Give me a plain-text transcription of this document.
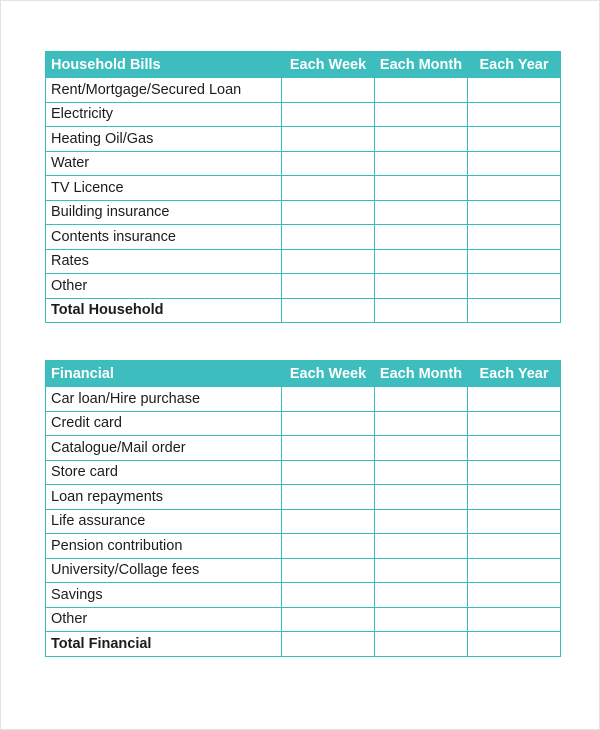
Household Bills	Each Week	Each Month	Each Year
Rent/Mortgage/Secured Loan			
Electricity			
Heating Oil/Gas			
Water			
TV Licence			
Building insurance			
Contents insurance			
Rates			
Other			
Total Household			
Financial	Each Week	Each Month	Each Year
Car loan/Hire purchase			
Credit card			
Catalogue/Mail order			
Store card			
Loan repayments			
Life assurance			
Pension contribution			
University/Collage fees			
Savings			
Other			
Total Financial			
